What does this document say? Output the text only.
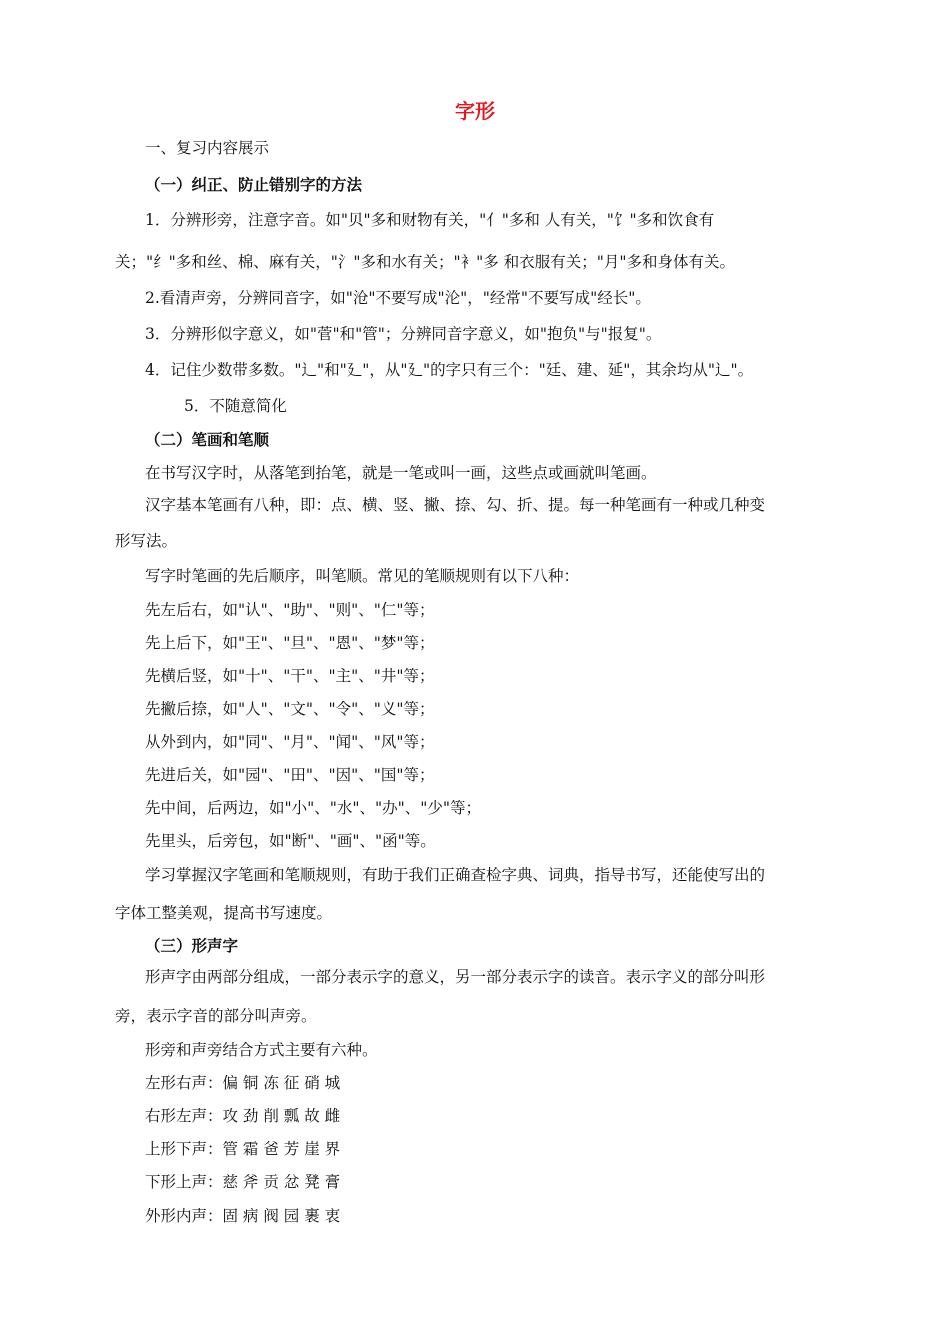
字形
一、复习内容展示
（一）纠正、防止错别字的方法
1．分辨形旁，注意字音。如"贝"多和财物有关，"亻"多和 人有关，"饣"多和饮食有
关；"纟"多和丝、棉、麻有关，"氵"多和水有关；"衤"多 和衣服有关；"月"多和身体有关。
2.看清声旁，分辨同音字，如"沧"不要写成"沦"，"经常"不要写成"经长"。
3．分辨形似字意义，如"菅"和"管"；分辨同音字意义，如"抱负"与"报复"。
4．记住少数带多数。"辶"和"廴"，从"廴"的字只有三个："廷、建、延"，其余均从"辶"。
5．不随意简化
（二）笔画和笔顺
在书写汉字时，从落笔到抬笔，就是一笔或叫一画，这些点或画就叫笔画。
汉字基本笔画有八种，即：点、横、竖、撇、捺、勾、折、提。每一种笔画有一种或几种变
形写法。
写字时笔画的先后顺序，叫笔顺。常见的笔顺规则有以下八种：
先左后右，如"认"、"助"、"则"、"仁"等；
先上后下，如"王"、"旦"、"恩"、"梦"等；
先横后竖，如"十"、"干"、"主"、"井"等；
先撇后捺，如"人"、"文"、"令"、"义"等；
从外到内，如"同"、"月"、"闻"、"风"等；
先进后关，如"园"、"田"、"因"、"国"等；
先中间，后两边，如"小"、"水"、"办"、"少"等；
先里头，后旁包，如"断"、"画"、"函"等。
学习掌握汉字笔画和笔顺规则，有助于我们正确查检字典、词典，指导书写，还能使写出的
字体工整美观，提高书写速度。
（三）形声字
形声字由两部分组成，一部分表示字的意义，另一部分表示字的读音。表示字义的部分叫形
旁，表示字音的部分叫声旁。
形旁和声旁结合方式主要有六种。
左形右声：偏 铜 冻 征 硝 城
右形左声：攻 劲 削 瓢 故 雌
上形下声：管 霜 爸 芳 崖 界
下形上声：慈 斧 贡 忿 凳 膏
外形内声：固 病 阀 园 裹 衷
